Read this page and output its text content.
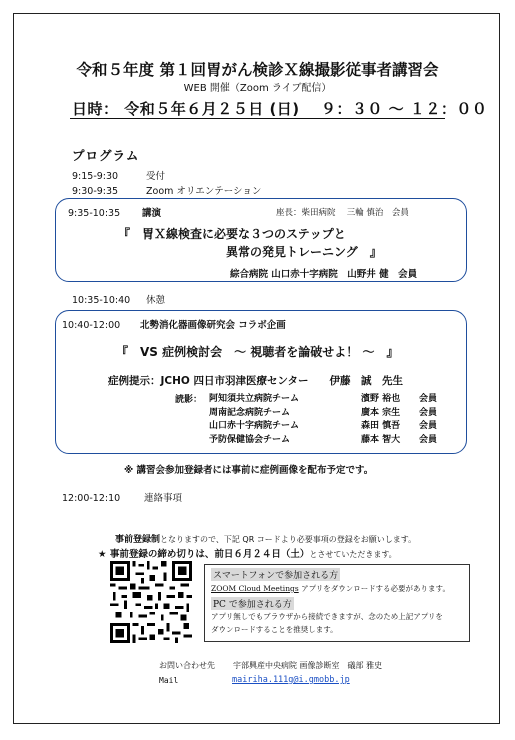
令和５年度 第１回胃がん検診Ｘ線撮影従事者講習会
WEB 開催（Zoom ライブ配信）
日時： 令和５年６月２５日 (日)　 ９：３０ ～ １２：００
プログラム
9:15-9:30	受付
9:30-9:35	Zoom オリエンテーション
9:35-10:35 講演	座長：柴田病院　 三輪 慎治　会員
『　胃Ｘ線検査に必要な３つのステップと
異常の発見トレーニング　』
綜合病院 山口赤十字病院　山野井 健　会員
10:35-10:40 休憩
10:40-12:00 北勢消化器画像研究会 コラボ企画
『　VS 症例検討会　～ 視聴者を論破せよ！ ～　』
症例提示：JCHO 四日市羽津医療センター　　伊藤　誠　先生
読影： 阿知須共立病院チーム	濱野 裕也	会員
周南記念病院チーム	廣本 宗生	会員
山口赤十字病院チーム	森田 慎吾	会員
予防保健協会チーム	藤本 智大	会員
※ 講習会参加登録者には事前に症例画像を配布予定です。
12:00-12:10	連絡事項
事前登録制となりますので、下記 QR コードより必要事項の登録をお願いします。
★ 事前登録の締め切りは、前日６月２４日（土）とさせていただきます。
スマートフォンで参加される方
ZOOM Cloud Meetings アプリをダウンロードする必要があります。
PC で参加される方
アプリ無しでもブラウザから接続できますが、念のため上記アプリを
ダウンロードすることを推奨します。
お問い合わせ先 宇部興産中央病院 画像診断室　礒部 雅史
Mail	mairiha.111g@i.gmobb.jp
